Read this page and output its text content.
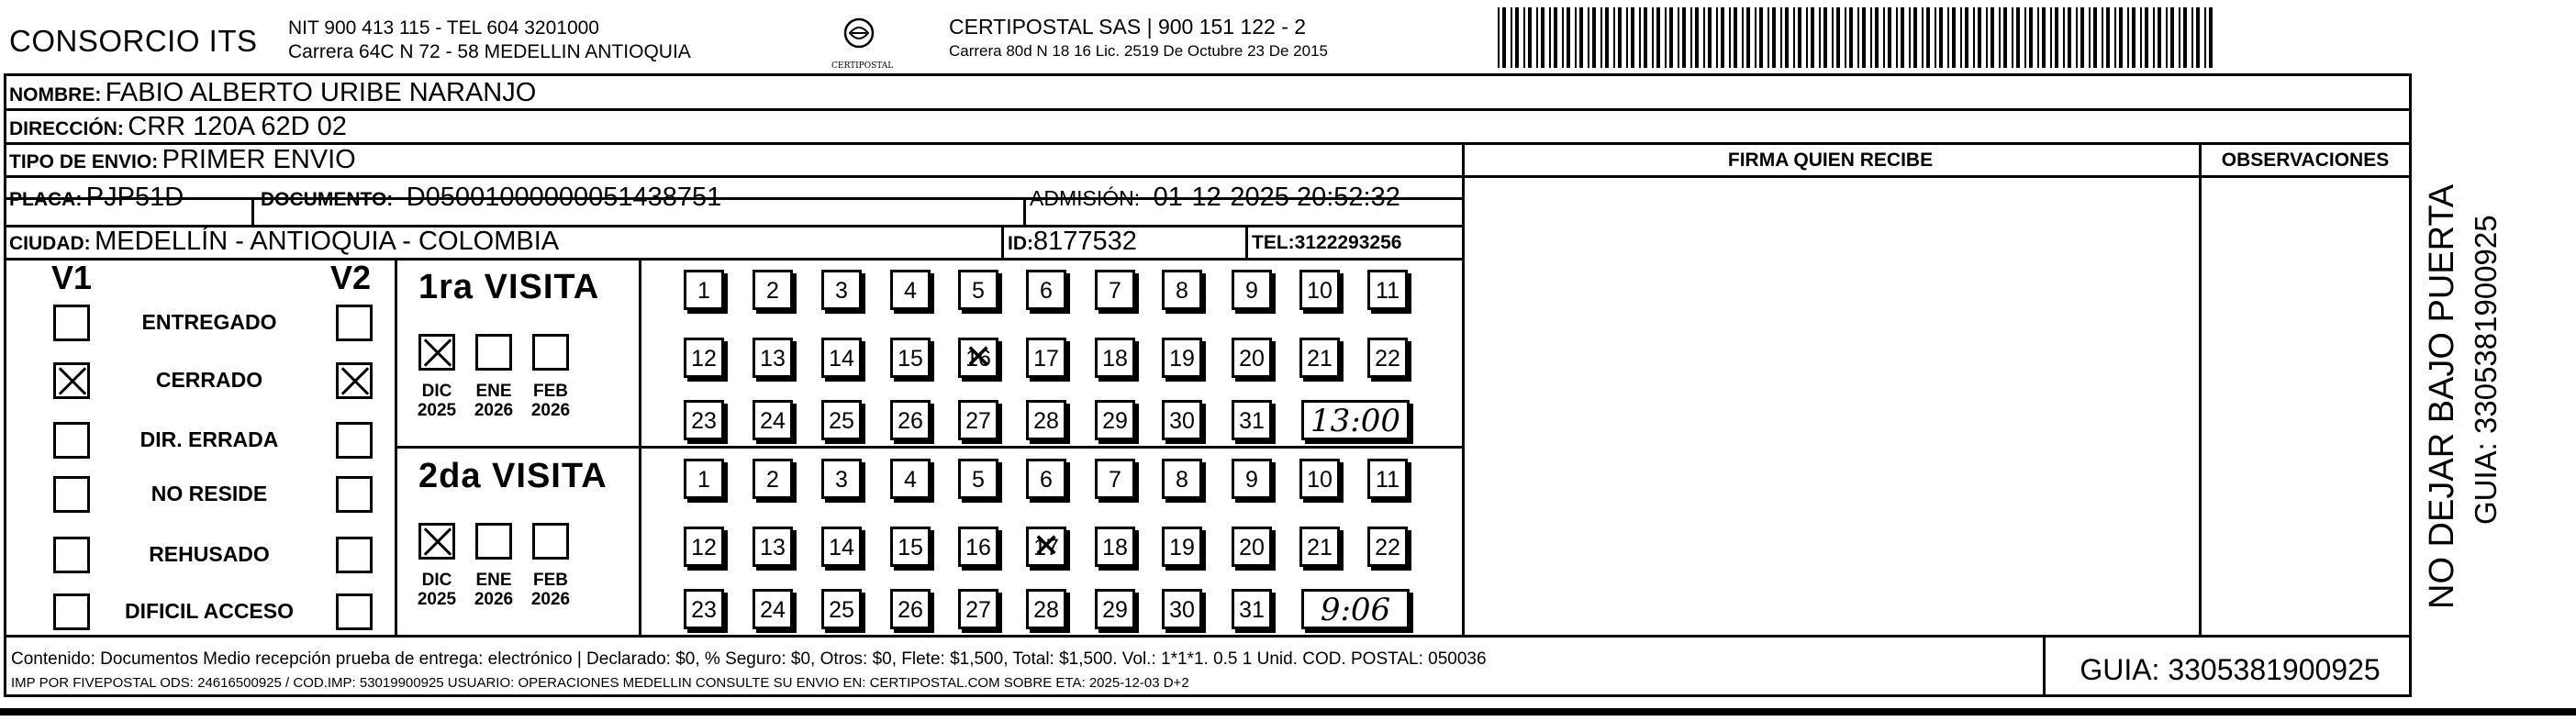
CONSORCIO ITS NIT 900 413 115 - TEL 604 3201000
Carrera 64C N 72 - 58 MEDELLIN ANTIOQUIA
CERTIPOSTAL
CERTIPOSTAL SAS | 900 151 122 - 2
Carrera 80d N 18 16 Lic. 2519 De Octubre 23 De 2015
NOMBRE: FABIO ALBERTO URIBE NARANJO
DIRECCIÓN: CRR 120A 62D 02
TIPO DE ENVIO: PRIMER ENVIO	FIRMA QUIEN RECIBE	OBSERVACIONES
PLACA: PJP51D	DOCUMENTO: D05001000000051438751	ADMISIÓN: 01-12-2025 20:52:32
CIUDAD: MEDELLÍN - ANTIOQUIA - COLOMBIA	ID:8177532	TEL:3122293256
V1	V2
ENTREGADO
CERRADO
DIR. ERRADA
NO RESIDE
REHUSADO
DIFICIL ACCESO
1ra VISITA
DIC
2025
ENE
2026
FEB
2026
1	2	3	4	5	6	7	8	9	10	11
12	13	14	15	16 ✕	17	18	19	20	21	22
23	24	25	26	27	28	29	30	31 13:00
2da VISITA
DIC
2025
ENE
2026
FEB
2026
1	2	3	4	5	6	7	8	9	10	11
12	13	14	15	16	17 ✕	18	19	20	21	22
23	24	25	26	27	28	29	30	31	9:06
NO DEJAR BAJO PUERTA GUIA: 3305381900925
Contenido: Documentos Medio recepción prueba de entrega: electrónico | Declarado: $0, % Seguro: $0, Otros: $0, Flete: $1,500, Total: $1,500. Vol.: 1*1*1. 0.5 1 Unid. COD. POSTAL: 050036
IMP POR FIVEPOSTAL ODS: 24616500925 / COD.IMP: 53019900925 USUARIO: OPERACIONES MEDELLIN CONSULTE SU ENVIO EN: CERTIPOSTAL.COM SOBRE ETA: 2025-12-03 D+2	GUIA: 3305381900925
